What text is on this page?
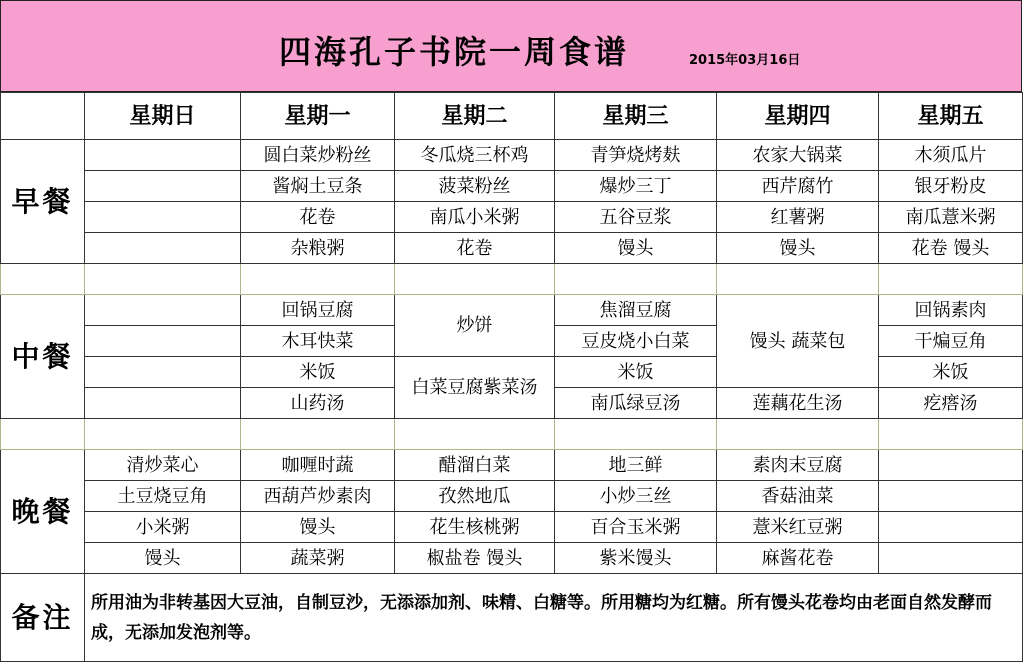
四海孔子书院一周食谱	2015年03月16日
	星期日	星期一	星期二	星期三	星期四	星期五
早餐		圆白菜炒粉丝	冬瓜烧三杯鸡	青笋烧烤麸	农家大锅菜	木须瓜片
		酱焖土豆条	菠菜粉丝	爆炒三丁	西芹腐竹	银牙粉皮
		花卷	南瓜小米粥	五谷豆浆	红薯粥	南瓜薏米粥
		杂粮粥	花卷	馒头	馒头	花卷 馒头

中餐		回锅豆腐	炒饼	焦溜豆腐	馒头 蔬菜包	回锅素肉
		木耳快菜		豆皮烧小白菜		干煸豆角
		米饭	白菜豆腐紫菜汤	米饭		米饭
		山药汤		南瓜绿豆汤	莲藕花生汤	疙瘩汤

晚餐	清炒菜心	咖喱时蔬	醋溜白菜	地三鲜	素肉末豆腐	
	土豆烧豆角	西葫芦炒素肉	孜然地瓜	小炒三丝	香菇油菜	
	小米粥	馒头	花生核桃粥	百合玉米粥	薏米红豆粥	
	馒头	蔬菜粥	椒盐卷 馒头	紫米馒头	麻酱花卷	
备注	所用油为非转基因大豆油，自制豆沙，无添添加剂、味精、白糖等。所用糖均为红糖。所有馒头花卷均由老面自然发酵而成，无添加发泡剂等。					
